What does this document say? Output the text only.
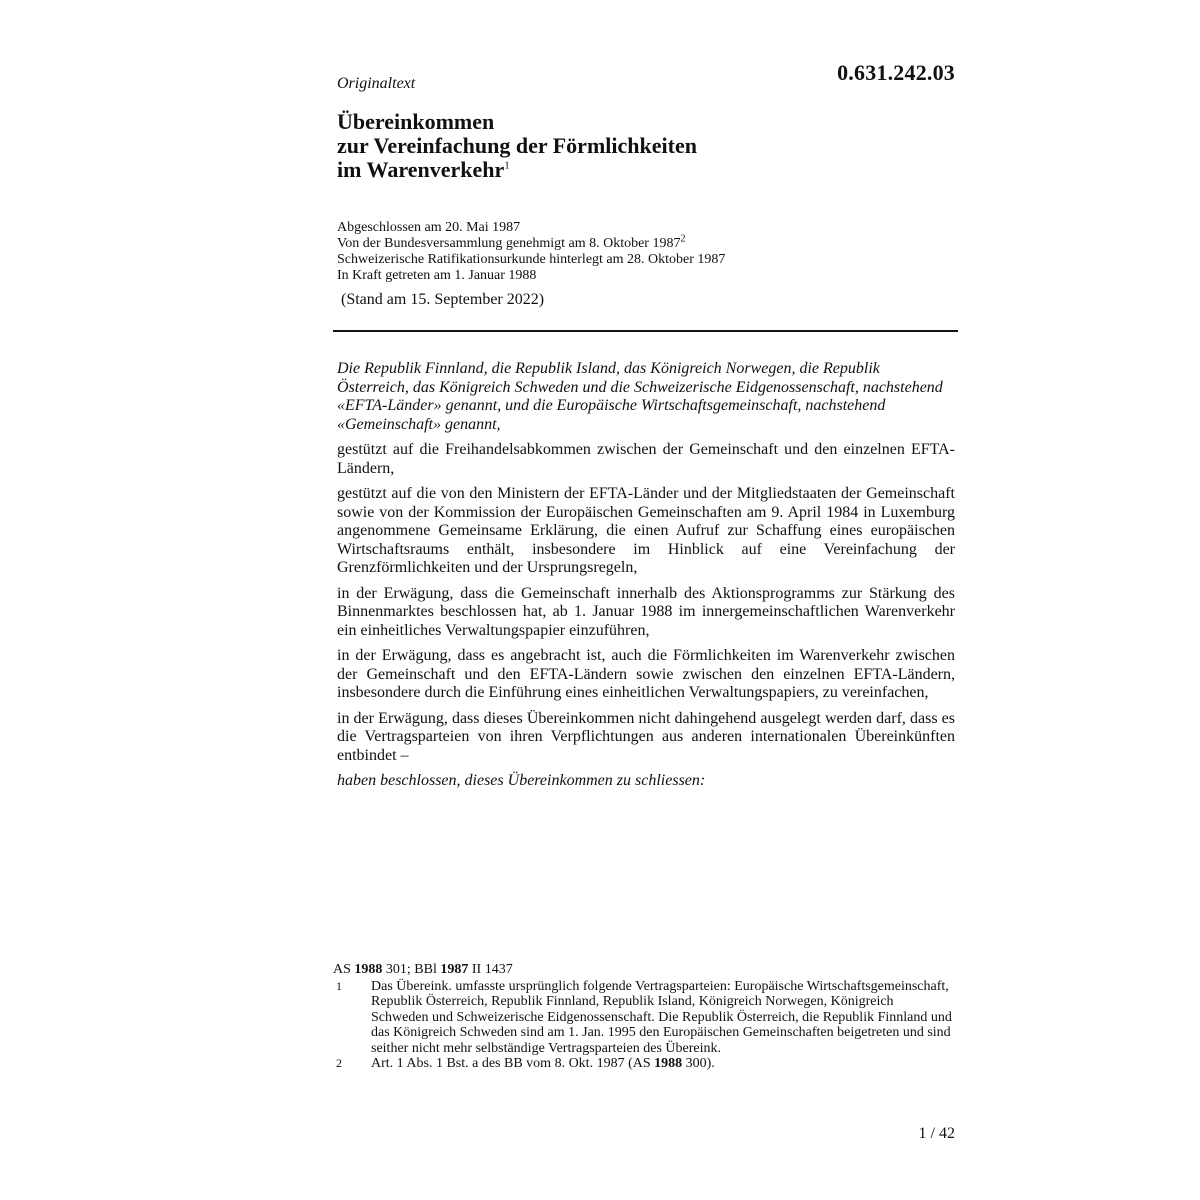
0.631.242.03
Originaltext
Übereinkommen
zur Vereinfachung der Förmlichkeiten
im Warenverkehr$^1$
Abgeschlossen am 20. Mai 1987
Von der Bundesversammlung genehmigt am 8. Oktober 1987$^2$
Schweizerische Ratifikationsurkunde hinterlegt am 28. Oktober 1987
In Kraft getreten am 1. Januar 1988
(Stand am 15. September 2022)

Die Republik Finnland, die Republik Island, das Königreich Norwegen, die Republik Österreich, das Königreich Schweden und die Schweizerische Eidgenossenschaft, nachstehend «EFTA-Länder» genannt, und die Europäische Wirtschaftsgemeinschaft, nachstehend «Gemeinschaft» genannt,

gestützt auf die Freihandelsabkommen zwischen der Gemeinschaft und den einzelnen EFTA-Ländern,

gestützt auf die von den Ministern der EFTA-Länder und der Mitgliedstaaten der Gemeinschaft sowie von der Kommission der Europäischen Gemeinschaften am 9. April 1984 in Luxemburg angenommene Gemeinsame Erklärung, die einen Aufruf zur Schaffung eines europäischen Wirtschaftsraums enthält, insbesondere im Hinblick auf eine Vereinfachung der Grenzförmlichkeiten und der Ursprungsregeln,

in der Erwägung, dass die Gemeinschaft innerhalb des Aktionsprogramms zur Stärkung des Binnenmarktes beschlossen hat, ab 1. Januar 1988 im innergemeinschaftlichen Warenverkehr ein einheitliches Verwaltungspapier einzuführen,

in der Erwägung, dass es angebracht ist, auch die Förmlichkeiten im Warenverkehr zwischen der Gemeinschaft und den EFTA-Ländern sowie zwischen den einzelnen EFTA-Ländern, insbesondere durch die Einführung eines einheitlichen Verwaltungspapiers, zu vereinfachen,

in der Erwägung, dass dieses Übereinkommen nicht dahingehend ausgelegt werden darf, dass es die Vertragsparteien von ihren Verpflichtungen aus anderen internationalen Übereinkünften entbindet –

haben beschlossen, dieses Übereinkommen zu schliessen:

AS 1988 301; BBl 1987 II 1437
1 Das Übereink. umfasste ursprünglich folgende Vertragsparteien: Europäische Wirtschaftsgemeinschaft, Republik Österreich, Republik Finnland, Republik Island, Königreich Norwegen, Königreich Schweden und Schweizerische Eidgenossenschaft. Die Republik Österreich, die Republik Finnland und das Königreich Schweden sind am 1. Jan. 1995 den Europäischen Gemeinschaften beigetreten und sind seither nicht mehr selbständige Vertragsparteien des Übereink.
2 Art. 1 Abs. 1 Bst. a des BB vom 8. Okt. 1987 (AS 1988 300).
1 / 42
